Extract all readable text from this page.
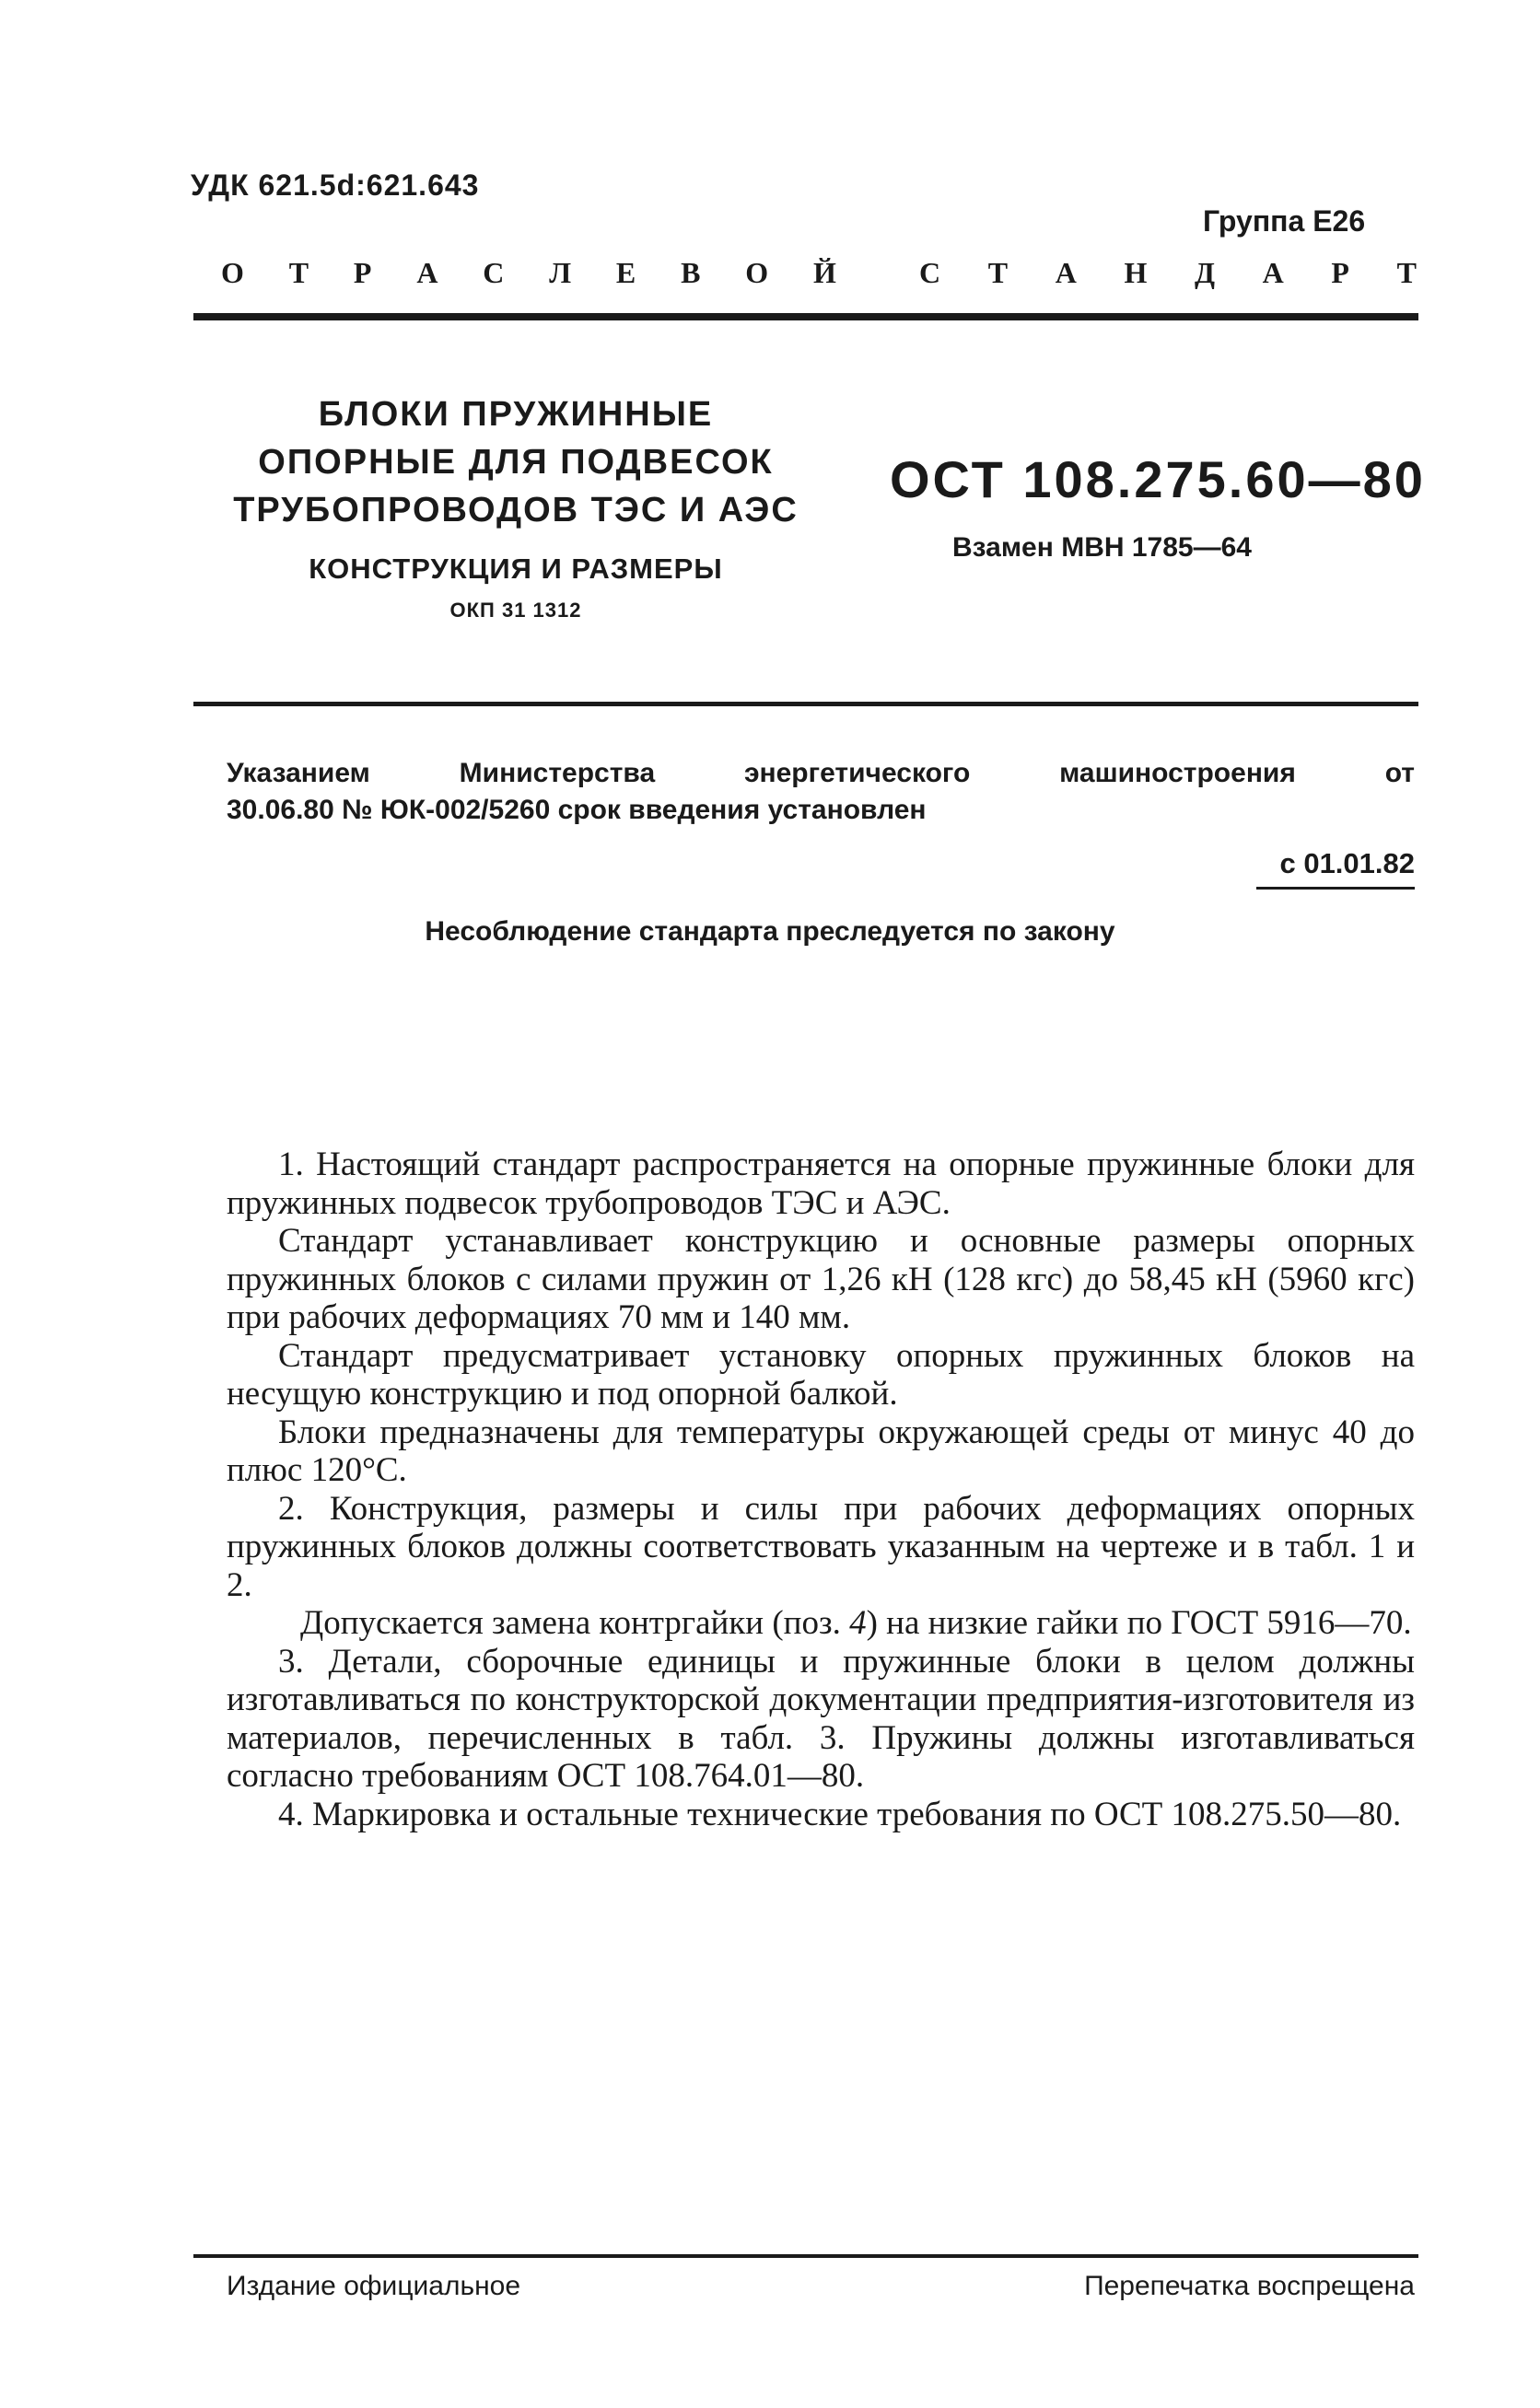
УДК 621.5d:621.643
Группа Е26
О Т Р А С Л Е В О Й	С Т А Н Д А Р Т
БЛОКИ ПРУЖИННЫЕ
ОПОРНЫЕ ДЛЯ ПОДВЕСОК
ТРУБОПРОВОДОВ ТЭС И АЭС
КОНСТРУКЦИЯ И РАЗМЕРЫ
ОКП 31 1312
ОСТ 108.275.60—80
Взамен МВН 1785—64
Указанием	Министерства	энергетического	машиностроения	от
30.06.80 № ЮК-002/5260 срок введения установлен
с 01.01.82
Несоблюдение стандарта преследуется по закону

1. Настоящий стандарт распространяется на опорные пружинные блоки для пружинных подвесок трубопроводов ТЭС и АЭС.

Стандарт устанавливает конструкцию и основные размеры опорных пружинных блоков с силами пружин от 1,26 кН (128 кгс) до 58,45 кН (5960 кгс) при рабочих деформациях 70 мм и 140 мм.

Стандарт предусматривает установку опорных пружинных блоков на несущую конструкцию и под опорной балкой.

Блоки предназначены для температуры окружающей среды от минус 40 до плюс 120°С.

2. Конструкция, размеры и силы при рабочих деформациях опорных пружинных блоков должны соответствовать указанным на чертеже и в табл. 1 и 2.

Допускается замена контргайки (поз. 4) на низкие гайки по ГОСТ 5916—70.

3. Детали, сборочные единицы и пружинные блоки в целом должны изготавливаться по конструкторской документации предприятия-изготовителя из материалов, перечисленных в табл. 3. Пружины должны изготавливаться согласно требованиям ОСТ 108.764.01—80.

4. Маркировка и остальные технические требования по ОСТ 108.275.50—80.

Издание официальное	Перепечатка воспрещена
